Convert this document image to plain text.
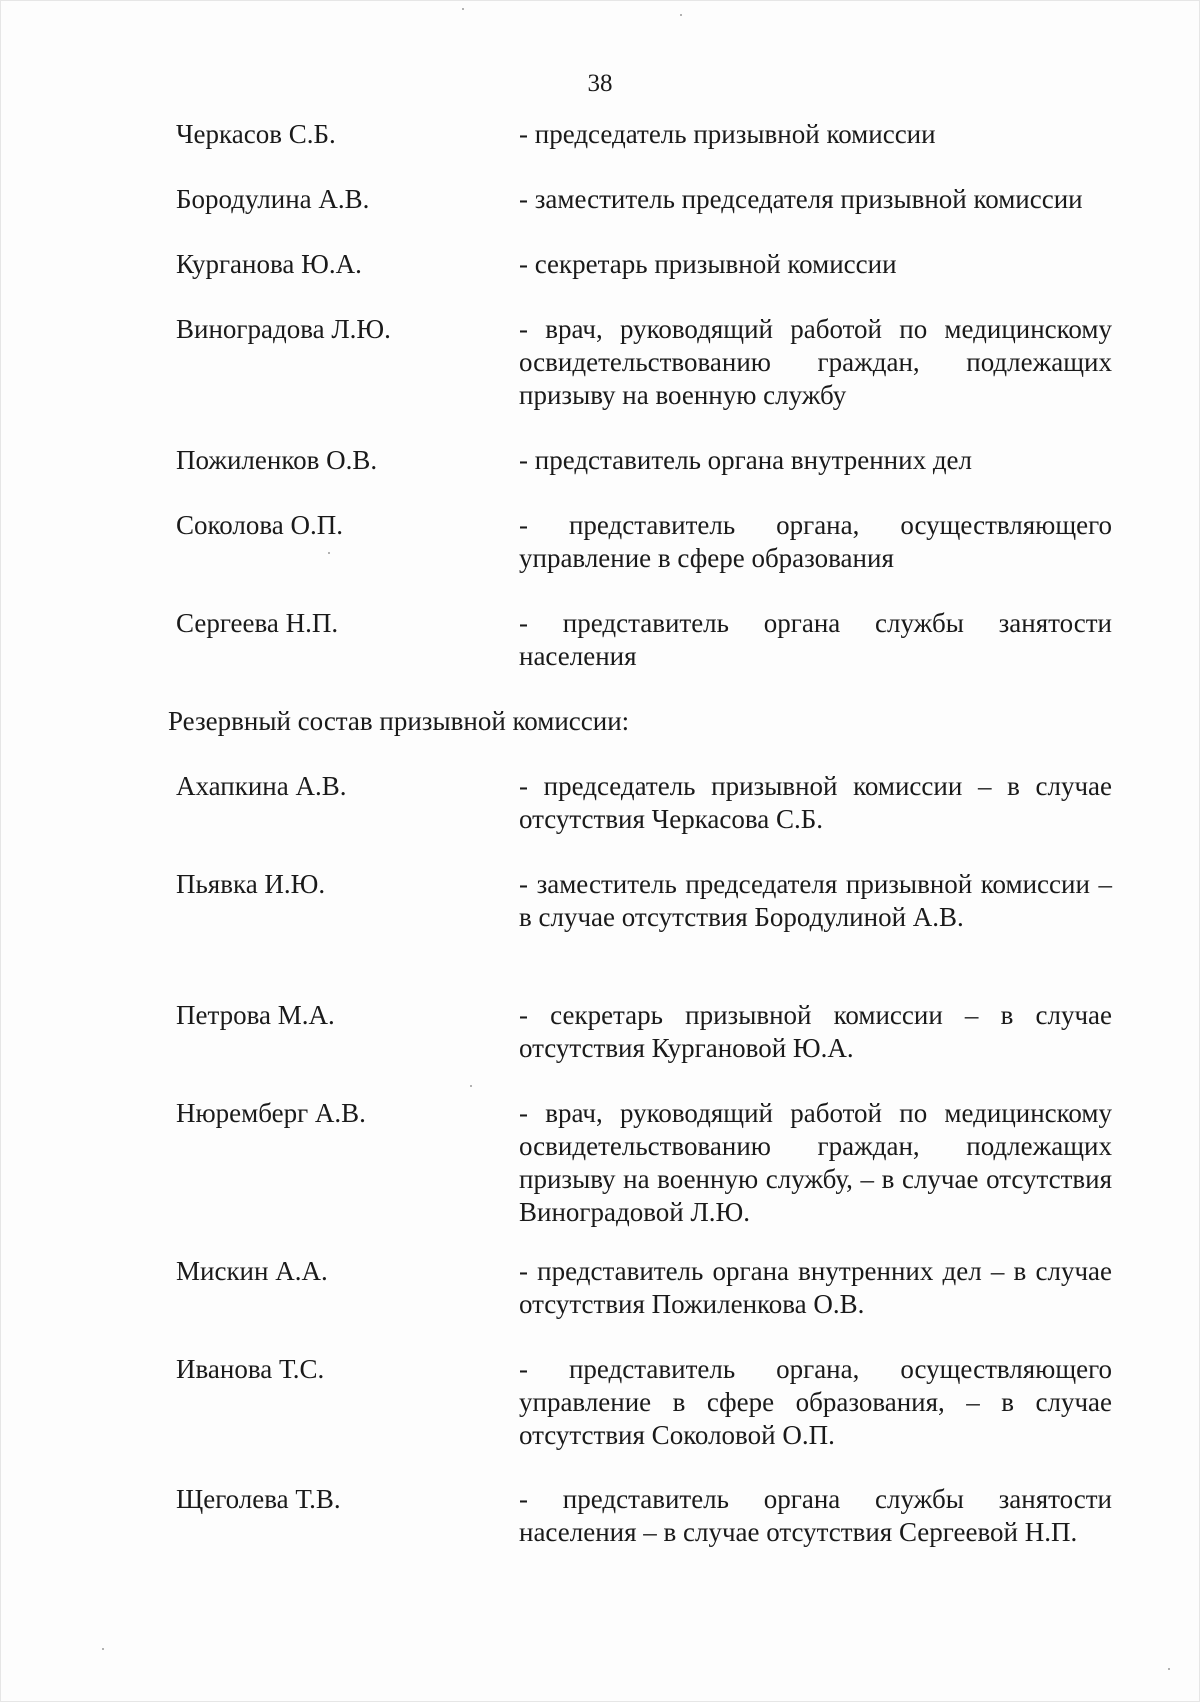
38
Черкасов С.Б.	- председатель призывной комиссии
Бородулина А.В.	- заместитель председателя призывной комиссии
Курганова Ю.А.	- секретарь призывной комиссии
Виноградова Л.Ю.	- врач, руководящий работой по медицинскому освидетельствованию граждан, подлежащих призыву на военную службу
Пожиленков О.В.	- представитель органа внутренних дел
Соколова О.П.	- представитель органа, осуществляющего управление в сфере образования
Сергеева Н.П.	- представитель органа службы занятости населения
Резервный состав призывной комиссии:
Ахапкина А.В.	- председатель призывной комиссии – в случае отсутствия Черкасова С.Б.
Пьявка И.Ю.	- заместитель председателя призывной комиссии – в случае отсутствия Бородулиной А.В.
Петрова М.А.	- секретарь призывной комиссии – в случае отсутствия Кургановой Ю.А.
Нюремберг А.В.	- врач, руководящий работой по медицинскому освидетельствованию граждан, подлежащих призыву на военную службу, – в случае отсутствия Виноградовой Л.Ю.
Мискин А.А.	- представитель органа внутренних дел – в случае отсутствия Пожиленкова О.В.
Иванова Т.С.	- представитель органа, осуществляющего управление в сфере образования, – в случае отсутствия Соколовой О.П.
Щеголева Т.В.	- представитель органа службы занятости населения – в случае отсутствия Сергеевой Н.П.
